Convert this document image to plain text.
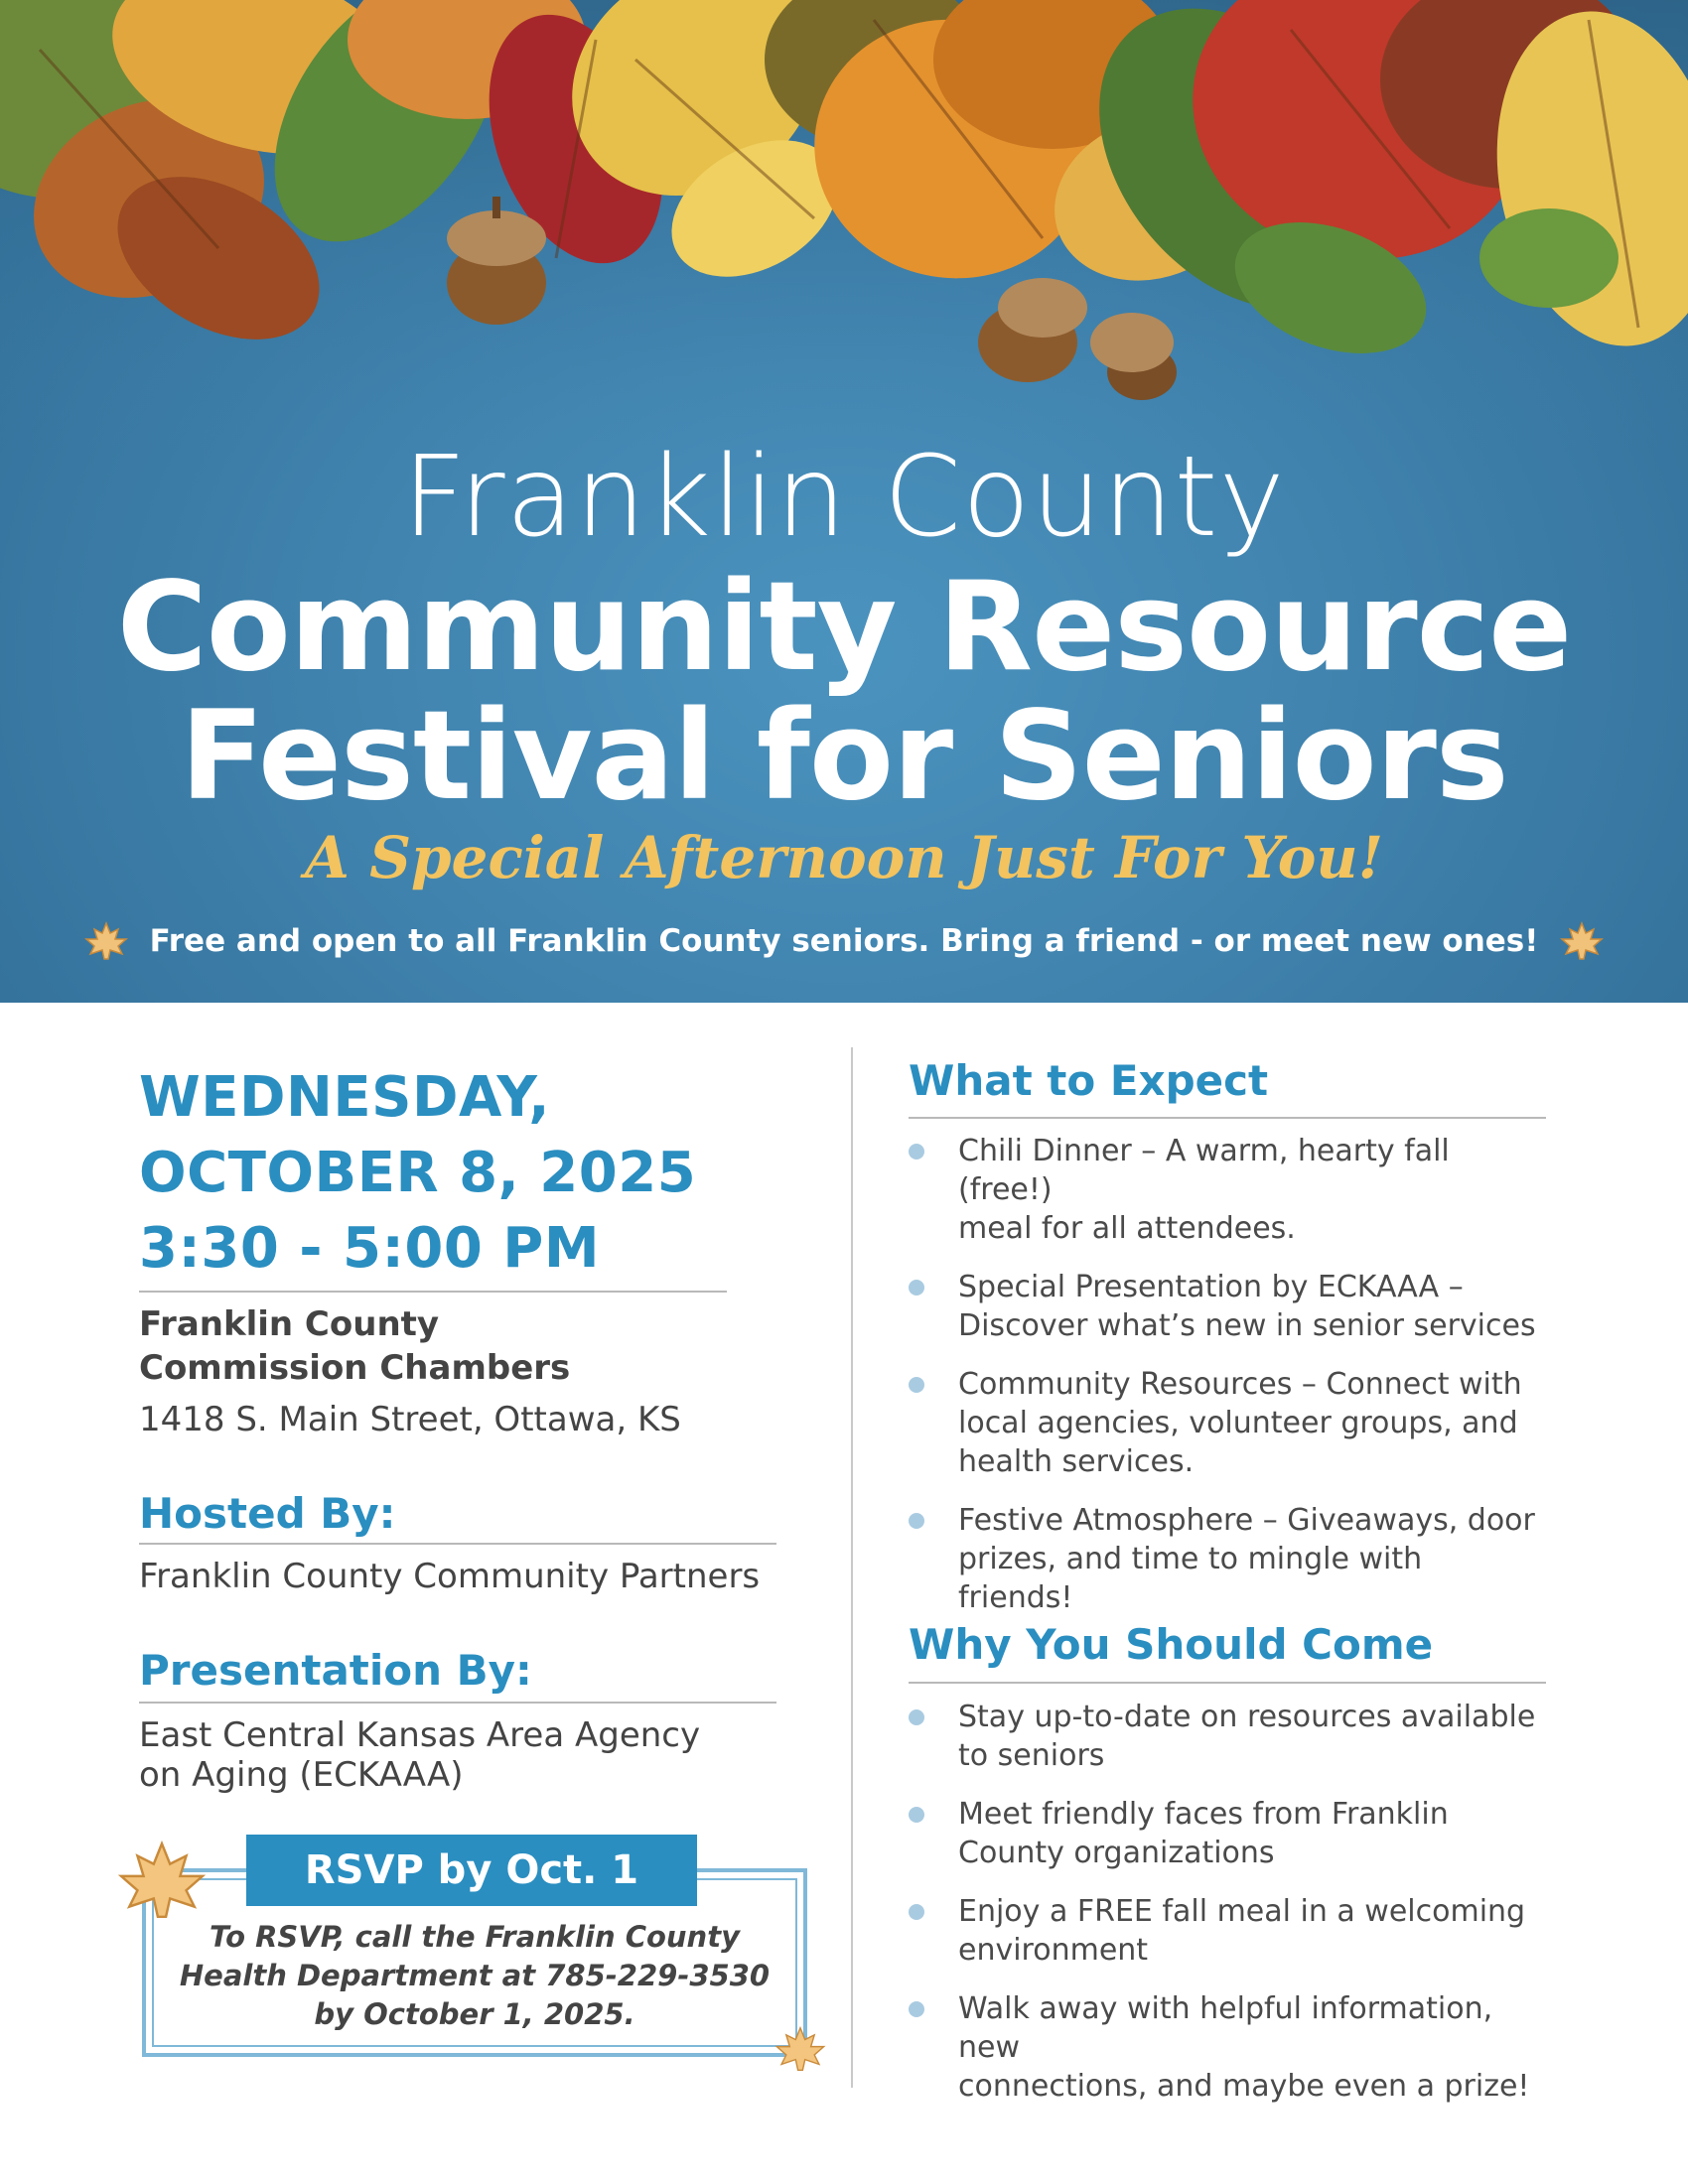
Franklin County
Community Resource
Festival for Seniors
A Special Afternoon Just For You!
Free and open to all Franklin County seniors. Bring a friend - or meet new ones!
WEDNESDAY,
OCTOBER 8, 2025
3:30 - 5:00 PM
Franklin County
Commission Chambers
1418 S. Main Street, Ottawa, KS
Hosted By:
Franklin County Community Partners
Presentation By:
East Central Kansas Area Agency
on Aging (ECKAAA)
RSVP by Oct. 1
To RSVP, call the Franklin County
Health Department at 785-229-3530
by October 1, 2025.
What to Expect
Chili Dinner – A warm, hearty fall (free!)
meal for all attendees.
Special Presentation by ECKAAA –
Discover what’s new in senior services
Community Resources – Connect with
local agencies, volunteer groups, and
health services.
Festive Atmosphere – Giveaways, door
prizes, and time to mingle with friends!
Why You Should Come
Stay up-to-date on resources available
to seniors
Meet friendly faces from Franklin
County organizations
Enjoy a FREE fall meal in a welcoming
environment
Walk away with helpful information, new
connections, and maybe even a prize!
